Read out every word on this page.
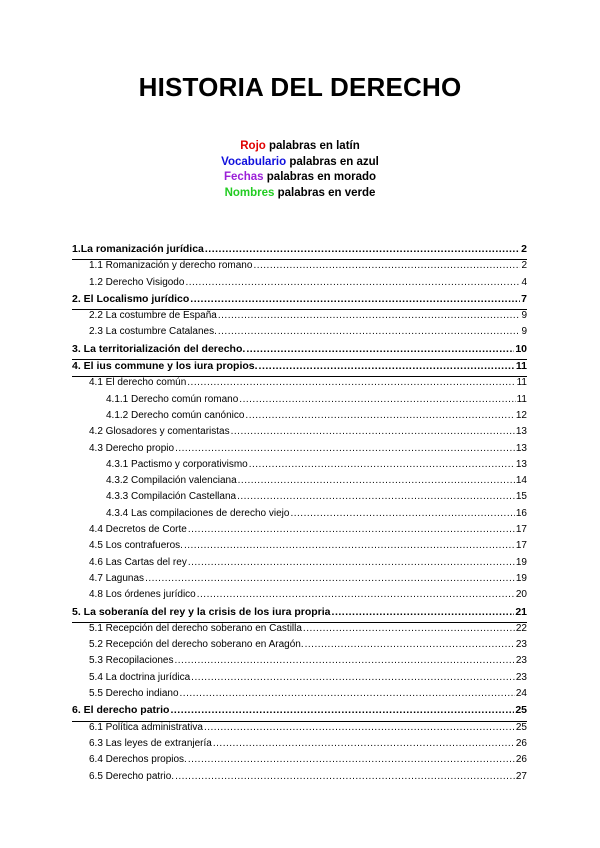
HISTORIA DEL DERECHO
Rojo palabras en latín
Vocabulario palabras en azul
Fechas palabras en morado
Nombres palabras en verde
1.La romanización jurídica .....	2
1.1 Romanización y derecho romano .....	2
1.2 Derecho Visigodo .....	4
2. El Localismo jurídico .....	7
2.2 La costumbre de España .....	9
2.3 La costumbre Catalanes. .....	9
3. La territorialización del derecho. .....	10
4. El ius commune y los iura propios. .....	11
4.1 El derecho común .....	11
4.1.1 Derecho común romano .....	11
4.1.2 Derecho común canónico .....	12
4.2 Glosadores y comentaristas .....	13
4.3 Derecho propio .....	13
4.3.1 Pactismo y corporativismo .....	13
4.3.2 Compilación valenciana .....	14
4.3.3 Compilación Castellana .....	15
4.3.4 Las compilaciones de derecho viejo .....	16
4.4 Decretos de Corte .....	17
4.5 Los contrafueros. .....	17
4.6 Las Cartas del rey .....	19
4.7 Lagunas .....	19
4.8 Los órdenes jurídico .....	20
5. La soberanía del rey y la crisis de los iura propria .....	21
5.1 Recepción del derecho soberano en Castilla .....	22
5.2 Recepción del derecho soberano en Aragón. .....	23
5.3 Recopilaciones .....	23
5.4 La doctrina jurídica .....	23
5.5 Derecho indiano .....	24
6. El derecho patrio .....	25
6.1 Política administrativa .....	25
6.3 Las leyes de extranjería .....	26
6.4 Derechos propios. .....	26
6.5 Derecho patrio. .....	27
